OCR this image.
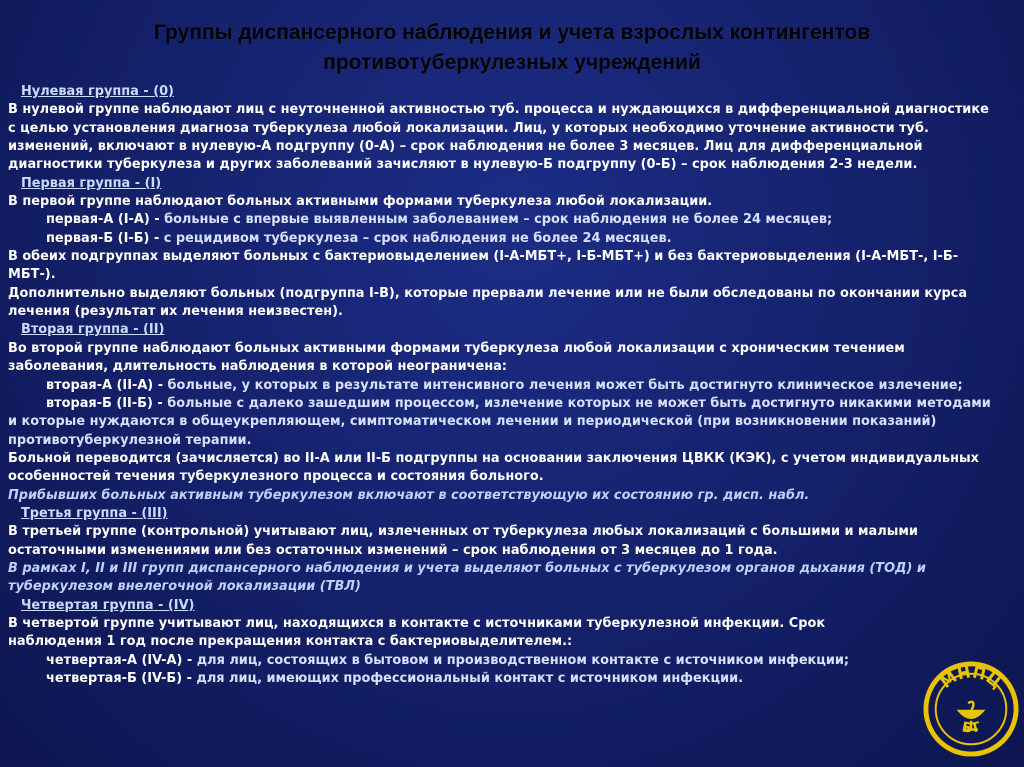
Группы диспансерного наблюдения и учета взрослых контингентов
противотуберкулезных учреждений

Нулевая группа - (0)

В нулевой группе наблюдают лиц с неуточненной активностью туб. процесса и нуждающихся в дифференциальной диагностике с целью установления диагноза туберкулеза любой локализации. Лиц, у которых необходимо уточнение активности туб. изменений, включают в нулевую-А подгруппу (0-А) – срок наблюдения не более 3 месяцев. Лиц для дифференциальной диагностики туберкулеза и других заболеваний зачисляют в нулевую-Б подгруппу (0-Б) – срок наблюдения 2-3 недели.

Первая группа - (I)

В первой группе наблюдают больных активными формами туберкулеза любой локализации.

первая-А (I-А) - больные с впервые выявленным заболеванием – срок наблюдения не более 24 месяцев;

первая-Б (I-Б) - с рецидивом туберкулеза – срок наблюдения не более 24 месяцев.

В обеих подгруппах выделяют больных с бактериовыделением (I-А-МБТ+, I-Б-МБТ+) и без бактериовыделения (I-А-МБТ-, I-Б-МБТ-).

Дополнительно выделяют больных (подгруппа I-В), которые прервали лечение или не были обследованы по окончании курса лечения (результат их лечения неизвестен).

Вторая группа - (II)

Во второй группе наблюдают больных активными формами туберкулеза любой локализации с хроническим течением заболевания, длительность наблюдения в которой неограничена:

вторая-А (II-А) - больные, у которых в результате интенсивного лечения может быть достигнуто клиническое излечение;

вторая-Б (II-Б) - больные с далеко зашедшим процессом, излечение которых не может быть достигнуто никакими методами и которые нуждаются в общеукрепляющем, симптоматическом лечении и периодической (при возникновении показаний) противотуберкулезной терапии.

Больной переводится (зачисляется) во II-А или II-Б подгруппы на основании заключения ЦВКК (КЭК), с учетом индивидуальных особенностей течения туберкулезного процесса и состояния больного.

Прибывших больных активным туберкулезом включают в соответствующую их состоянию гр. дисп. набл.

Третья группа - (III)

В третьей группе (контрольной) учитывают лиц, излеченных от туберкулеза любых локализаций с большими и малыми остаточными изменениями или без остаточных изменений – срок наблюдения от 3 месяцев до 1 года.

В рамках I, II и III групп диспансерного наблюдения и учета выделяют больных с туберкулезом органов дыхания (ТОД) и туберкулезом внелегочной локализации (ТВЛ)

Четвертая группа - (IV)

В четвертой группе учитывают лиц, находящихся в контакте с источниками туберкулезной инфекции. Срок наблюдения 1 год после прекращения контакта с бактериовыделителем.:

четвертая-А (IV-А) - для лиц, состоящих в бытовом и производственном контакте с источником инфекции;

четвертая-Б (IV-Б) - для лиц, имеющих профессиональный контакт с источником инфекции.	МНПЦ
БТ
